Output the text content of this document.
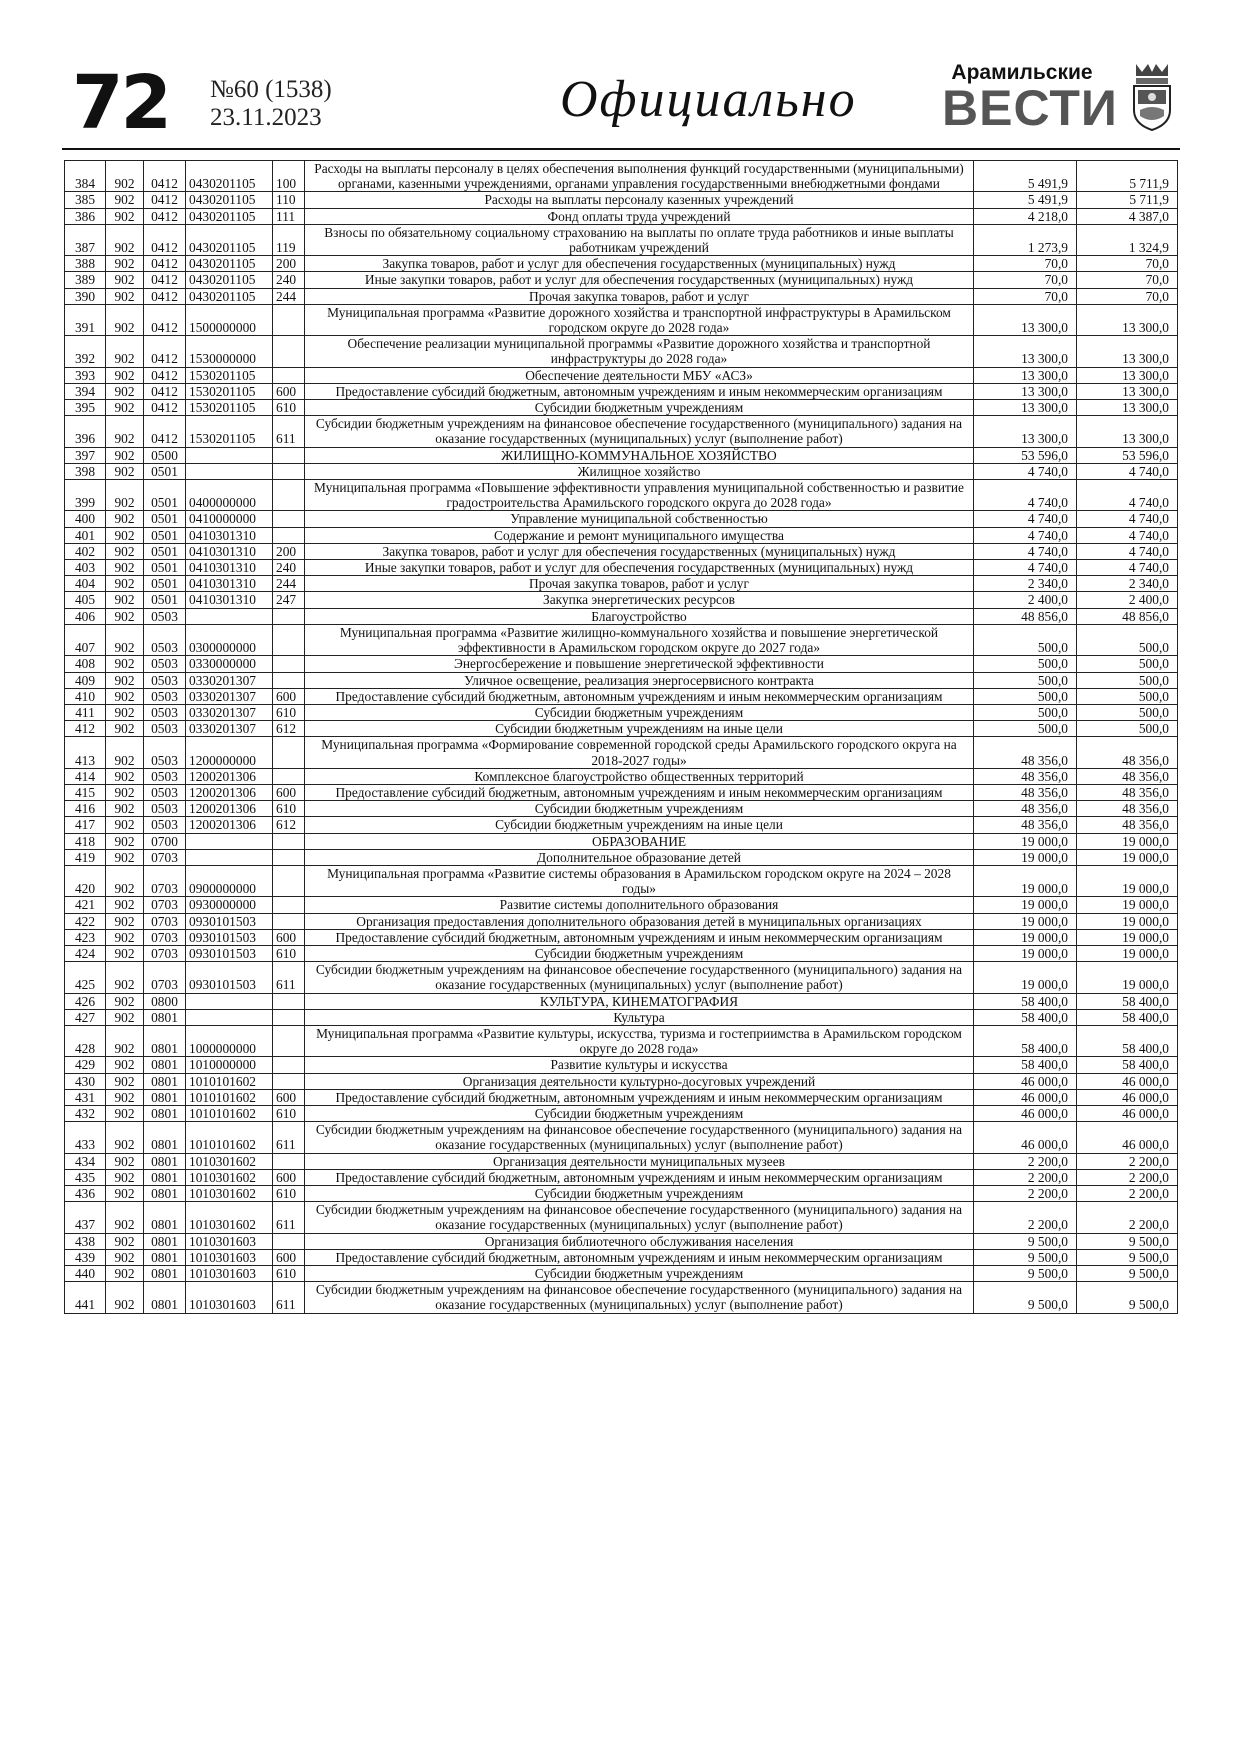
72 №60 (1538)
23.11.2023	Официально	Арамильские
ВЕСТИ
384	902	0412	0430201105	100	Расходы на выплаты персоналу в целях обеспечения выполнения функций государственными (муниципальными) органами, казенными учреждениями, органами управления государственными внебюджетными фондами	5 491,9	5 711,9
385	902	0412	0430201105	110	Расходы на выплаты персоналу казенных учреждений	5 491,9	5 711,9
386	902	0412	0430201105	111	Фонд оплаты труда учреждений	4 218,0	4 387,0
387	902	0412	0430201105	119	Взносы по обязательному социальному страхованию на выплаты по оплате труда работников и иные выплаты работникам учреждений	1 273,9	1 324,9
388	902	0412	0430201105	200	Закупка товаров, работ и услуг для обеспечения государственных (муниципальных) нужд	70,0	70,0
389	902	0412	0430201105	240	Иные закупки товаров, работ и услуг для обеспечения государственных (муниципальных) нужд	70,0	70,0
390	902	0412	0430201105	244	Прочая закупка товаров, работ и услуг	70,0	70,0
391	902	0412	1500000000		Муниципальная программа «Развитие дорожного хозяйства и транспортной инфраструктуры в Арамильском городском округе до 2028 года»	13 300,0	13 300,0
392	902	0412	1530000000		Обеспечение реализации муниципальной программы «Развитие дорожного хозяйства и транспортной инфраструктуры до 2028 года»	13 300,0	13 300,0
393	902	0412	1530201105		Обеспечение деятельности МБУ «АСЗ»	13 300,0	13 300,0
394	902	0412	1530201105	600	Предоставление субсидий бюджетным, автономным учреждениям и иным некоммерческим организациям	13 300,0	13 300,0
395	902	0412	1530201105	610	Субсидии бюджетным учреждениям	13 300,0	13 300,0
396	902	0412	1530201105	611	Субсидии бюджетным учреждениям на финансовое обеспечение государственного (муниципального) задания на оказание государственных (муниципальных) услуг (выполнение работ)	13 300,0	13 300,0
397	902	0500			ЖИЛИЩНО-КОММУНАЛЬНОЕ ХОЗЯЙСТВО	53 596,0	53 596,0
398	902	0501			Жилищное хозяйство	4 740,0	4 740,0
399	902	0501	0400000000		Муниципальная программа «Повышение эффективности управления муниципальной собственностью и развитие градостроительства Арамильского городского округа до 2028 года»	4 740,0	4 740,0
400	902	0501	0410000000		Управление муниципальной собственностью	4 740,0	4 740,0
401	902	0501	0410301310		Содержание и ремонт муниципального имущества	4 740,0	4 740,0
402	902	0501	0410301310	200	Закупка товаров, работ и услуг для обеспечения государственных (муниципальных) нужд	4 740,0	4 740,0
403	902	0501	0410301310	240	Иные закупки товаров, работ и услуг для обеспечения государственных (муниципальных) нужд	4 740,0	4 740,0
404	902	0501	0410301310	244	Прочая закупка товаров, работ и услуг	2 340,0	2 340,0
405	902	0501	0410301310	247	Закупка энергетических ресурсов	2 400,0	2 400,0
406	902	0503			Благоустройство	48 856,0	48 856,0
407	902	0503	0300000000		Муниципальная программа «Развитие жилищно-коммунального хозяйства и повышение энергетической эффективности в Арамильском городском округе до 2027 года»	500,0	500,0
408	902	0503	0330000000		Энергосбережение и повышение энергетической эффективности	500,0	500,0
409	902	0503	0330201307		Уличное освещение, реализация энергосервисного контракта	500,0	500,0
410	902	0503	0330201307	600	Предоставление субсидий бюджетным, автономным учреждениям и иным некоммерческим организациям	500,0	500,0
411	902	0503	0330201307	610	Субсидии бюджетным учреждениям	500,0	500,0
412	902	0503	0330201307	612	Субсидии бюджетным учреждениям на иные цели	500,0	500,0
413	902	0503	1200000000		Муниципальная программа «Формирование современной городской среды Арамильского городского округа на 2018-2027 годы»	48 356,0	48 356,0
414	902	0503	1200201306		Комплексное благоустройство общественных территорий	48 356,0	48 356,0
415	902	0503	1200201306	600	Предоставление субсидий бюджетным, автономным учреждениям и иным некоммерческим организациям	48 356,0	48 356,0
416	902	0503	1200201306	610	Субсидии бюджетным учреждениям	48 356,0	48 356,0
417	902	0503	1200201306	612	Субсидии бюджетным учреждениям на иные цели	48 356,0	48 356,0
418	902	0700			ОБРАЗОВАНИЕ	19 000,0	19 000,0
419	902	0703			Дополнительное образование детей	19 000,0	19 000,0
420	902	0703	0900000000		Муниципальная программа «Развитие системы образования в Арамильском городском округе на 2024 – 2028 годы»	19 000,0	19 000,0
421	902	0703	0930000000		Развитие системы дополнительного образования	19 000,0	19 000,0
422	902	0703	0930101503		Организация предоставления дополнительного образования детей в муниципальных организациях	19 000,0	19 000,0
423	902	0703	0930101503	600	Предоставление субсидий бюджетным, автономным учреждениям и иным некоммерческим организациям	19 000,0	19 000,0
424	902	0703	0930101503	610	Субсидии бюджетным учреждениям	19 000,0	19 000,0
425	902	0703	0930101503	611	Субсидии бюджетным учреждениям на финансовое обеспечение государственного (муниципального) задания на оказание государственных (муниципальных) услуг (выполнение работ)	19 000,0	19 000,0
426	902	0800			КУЛЬТУРА, КИНЕМАТОГРАФИЯ	58 400,0	58 400,0
427	902	0801			Культура	58 400,0	58 400,0
428	902	0801	1000000000		Муниципальная программа «Развитие культуры, искусства, туризма и гостеприимства в Арамильском городском округе до 2028 года»	58 400,0	58 400,0
429	902	0801	1010000000		Развитие культуры и искусства	58 400,0	58 400,0
430	902	0801	1010101602		Организация деятельности культурно-досуговых учреждений	46 000,0	46 000,0
431	902	0801	1010101602	600	Предоставление субсидий бюджетным, автономным учреждениям и иным некоммерческим организациям	46 000,0	46 000,0
432	902	0801	1010101602	610	Субсидии бюджетным учреждениям	46 000,0	46 000,0
433	902	0801	1010101602	611	Субсидии бюджетным учреждениям на финансовое обеспечение государственного (муниципального) задания на оказание государственных (муниципальных) услуг (выполнение работ)	46 000,0	46 000,0
434	902	0801	1010301602		Организация деятельности муниципальных музеев	2 200,0	2 200,0
435	902	0801	1010301602	600	Предоставление субсидий бюджетным, автономным учреждениям и иным некоммерческим организациям	2 200,0	2 200,0
436	902	0801	1010301602	610	Субсидии бюджетным учреждениям	2 200,0	2 200,0
437	902	0801	1010301602	611	Субсидии бюджетным учреждениям на финансовое обеспечение государственного (муниципального) задания на оказание государственных (муниципальных) услуг (выполнение работ)	2 200,0	2 200,0
438	902	0801	1010301603		Организация библиотечного обслуживания населения	9 500,0	9 500,0
439	902	0801	1010301603	600	Предоставление субсидий бюджетным, автономным учреждениям и иным некоммерческим организациям	9 500,0	9 500,0
440	902	0801	1010301603	610	Субсидии бюджетным учреждениям	9 500,0	9 500,0
441	902	0801	1010301603	611	Субсидии бюджетным учреждениям на финансовое обеспечение государственного (муниципального) задания на оказание государственных (муниципальных) услуг (выполнение работ)	9 500,0	9 500,0
